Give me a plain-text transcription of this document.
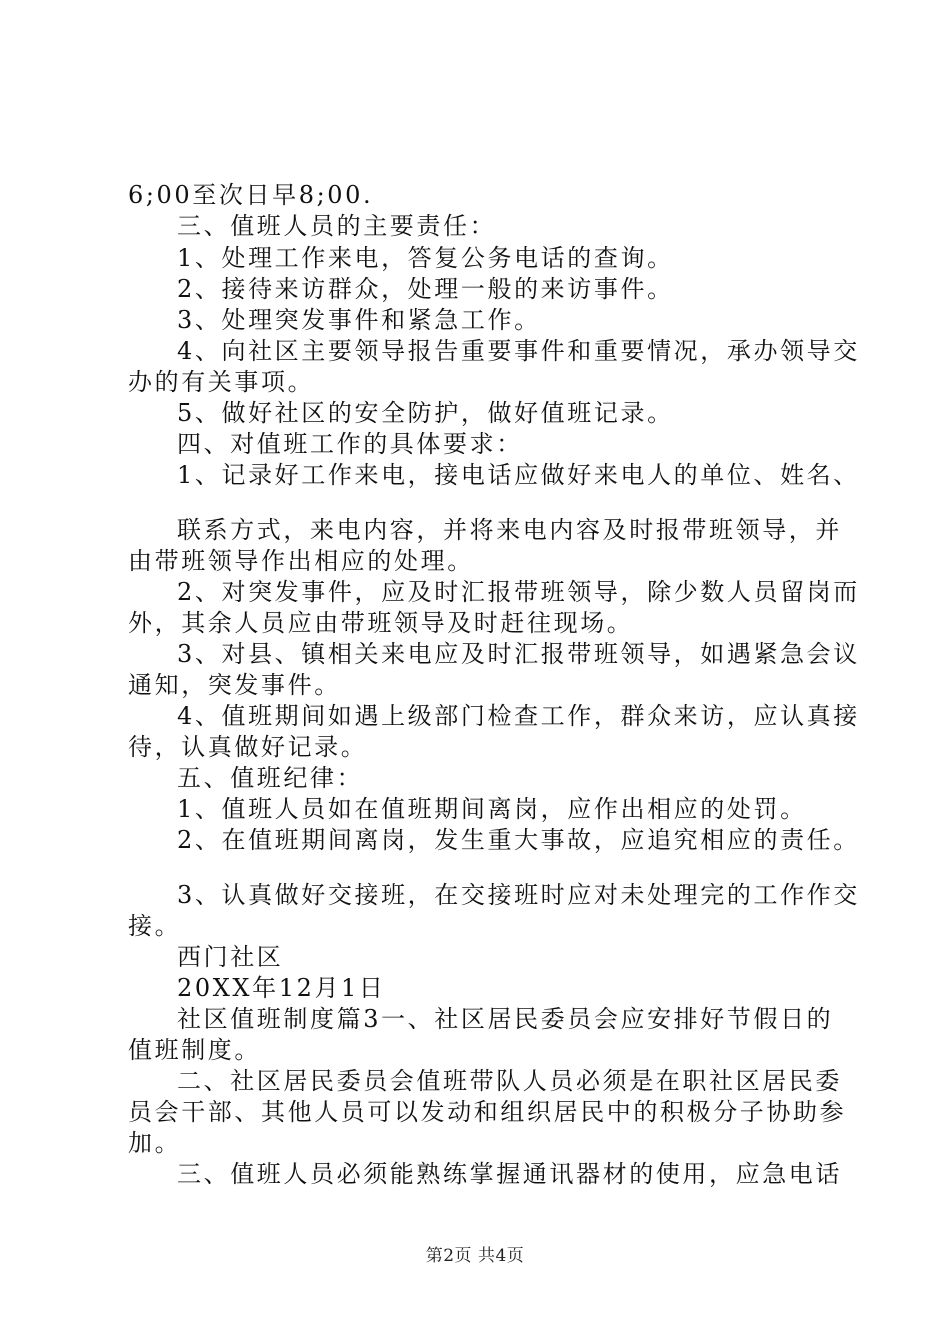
6;00至次日早8;00.
三、值班人员的主要责任：
1、处理工作来电，答复公务电话的查询。
2、接待来访群众，处理一般的来访事件。
3、处理突发事件和紧急工作。
4、向社区主要领导报告重要事件和重要情况，承办领导交
办的有关事项。
5、做好社区的安全防护，做好值班记录。
四、对值班工作的具体要求：
1、记录好工作来电，接电话应做好来电人的单位、姓名、
联系方式，来电内容，并将来电内容及时报带班领导，并
由带班领导作出相应的处理。
2、对突发事件，应及时汇报带班领导，除少数人员留岗而
外，其余人员应由带班领导及时赶往现场。
3、对县、镇相关来电应及时汇报带班领导，如遇紧急会议
通知，突发事件。
4、值班期间如遇上级部门检查工作，群众来访，应认真接
待，认真做好记录。
五、值班纪律：
1、值班人员如在值班期间离岗，应作出相应的处罚。
2、在值班期间离岗，发生重大事故，应追究相应的责任。
3、认真做好交接班，在交接班时应对未处理完的工作作交
接。
西门社区
20XX年12月1日
社区值班制度篇3一、社区居民委员会应安排好节假日的
值班制度。
二、社区居民委员会值班带队人员必须是在职社区居民委
员会干部、其他人员可以发动和组织居民中的积极分子协助参
加。
三、值班人员必须能熟练掌握通讯器材的使用，应急电话
第2页 共4页
